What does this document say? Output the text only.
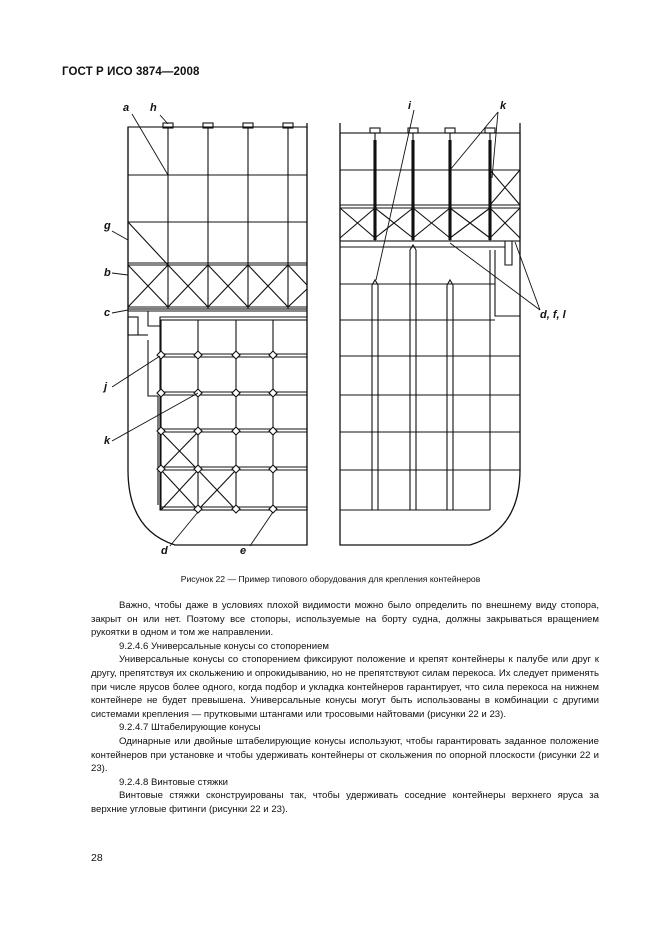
ГОСТ Р ИСО 3874—2008
a h
g
b
c
j
k
d	e
i	k
d, f, l
Рисунок 22 — Пример типового оборудования для крепления контейнеров

Важно, чтобы даже в условиях плохой видимости можно было определить по внешнему виду стопора, закрыт он или нет. Поэтому все стопоры, используемые на борту судна, должны закрываться вращением рукоятки в одном и том же направлении.

9.2.4.6 Универсальные конусы со стопорением

Универсальные конусы со стопорением фиксируют положение и крепят контейнеры к палубе или друг к другу, препятствуя их скольжению и опрокидыванию, но не препятствуют силам перекоса. Их следует применять при числе ярусов более одного, когда подбор и укладка контейнеров гарантирует, что сила перекоса на нижнем контейнере не будет превышена. Универсальные конусы могут быть использованы в комбинации с другими системами крепления — прутковыми штангами или тросовыми найтовами (рисунки 22 и 23).

9.2.4.7 Штабелирующие конусы

Одинарные или двойные штабелирующие конусы используют, чтобы гарантировать заданное положение контейнеров при установке и чтобы удерживать контейнеры от скольжения по опорной плоскости (рисунки 22 и 23).

9.2.4.8 Винтовые стяжки

Винтовые стяжки сконструированы так, чтобы удерживать соседние контейнеры верхнего яруса за верхние угловые фитинги (рисунки 22 и 23).

28
